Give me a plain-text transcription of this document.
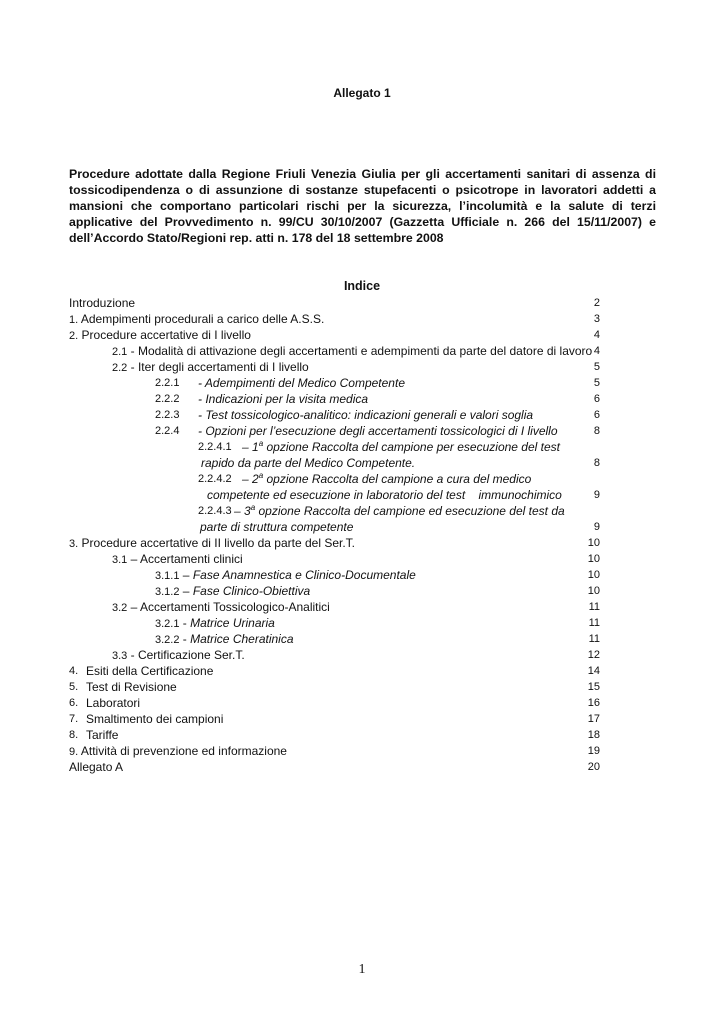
Allegato 1
Procedure adottate dalla Regione Friuli Venezia Giulia per gli accertamenti sanitari di assenza di tossicodipendenza o di assunzione di sostanze stupefacenti o psicotrope in lavoratori addetti a mansioni che comportano particolari rischi per la sicurezza, l’incolumità e la salute di terzi applicative del Provvedimento n. 99/CU 30/10/2007 (Gazzetta Ufficiale n. 266 del 15/11/2007) e dell’Accordo Stato/Regioni rep. atti n. 178 del 18 settembre 2008
Indice
Introduzione	2
1. Adempimenti procedurali a carico delle A.S.S.	3
2. Procedure accertative di I livello	4
2.1 - Modalità di attivazione degli accertamenti e adempimenti da parte del datore di lavoro 4
2.2 - Iter degli accertamenti di I livello	5
2.2.1 - Adempimenti del Medico Competente	5
2.2.2 - Indicazioni per la visita medica	6
2.2.3 - Test tossicologico-analitico: indicazioni generali e valori soglia	6
2.2.4 - Opzioni per l’esecuzione degli accertamenti tossicologici di I livello	8
2.2.4.1 – 1$^a$ opzione Raccolta del campione per esecuzione del test
rapido da parte del Medico Competente.	8
2.2.4.2 – 2$^a$ opzione Raccolta del campione a cura del medico
competente ed esecuzione in laboratorio del test    immunochimico	9
2.2.4.3 – 3$^a$ opzione Raccolta del campione ed esecuzione del test da
parte di struttura competente	9
3. Procedure accertative di II livello da parte del Ser.T.	10
3.1 – Accertamenti clinici	10
3.1.1 – Fase Anamnestica e Clinico-Documentale	10
3.1.2 – Fase Clinico-Obiettiva	10
3.2 – Accertamenti Tossicologico-Analitici	11
3.2.1 - Matrice Urinaria	11
3.2.2 - Matrice Cheratinica	11
3.3 - Certificazione Ser.T.	12
4. Esiti della Certificazione	14
5. Test di Revisione	15
6. Laboratori	16
7. Smaltimento dei campioni	17
8. Tariffe	18
9. Attività di prevenzione ed informazione	19
Allegato A	20
1
